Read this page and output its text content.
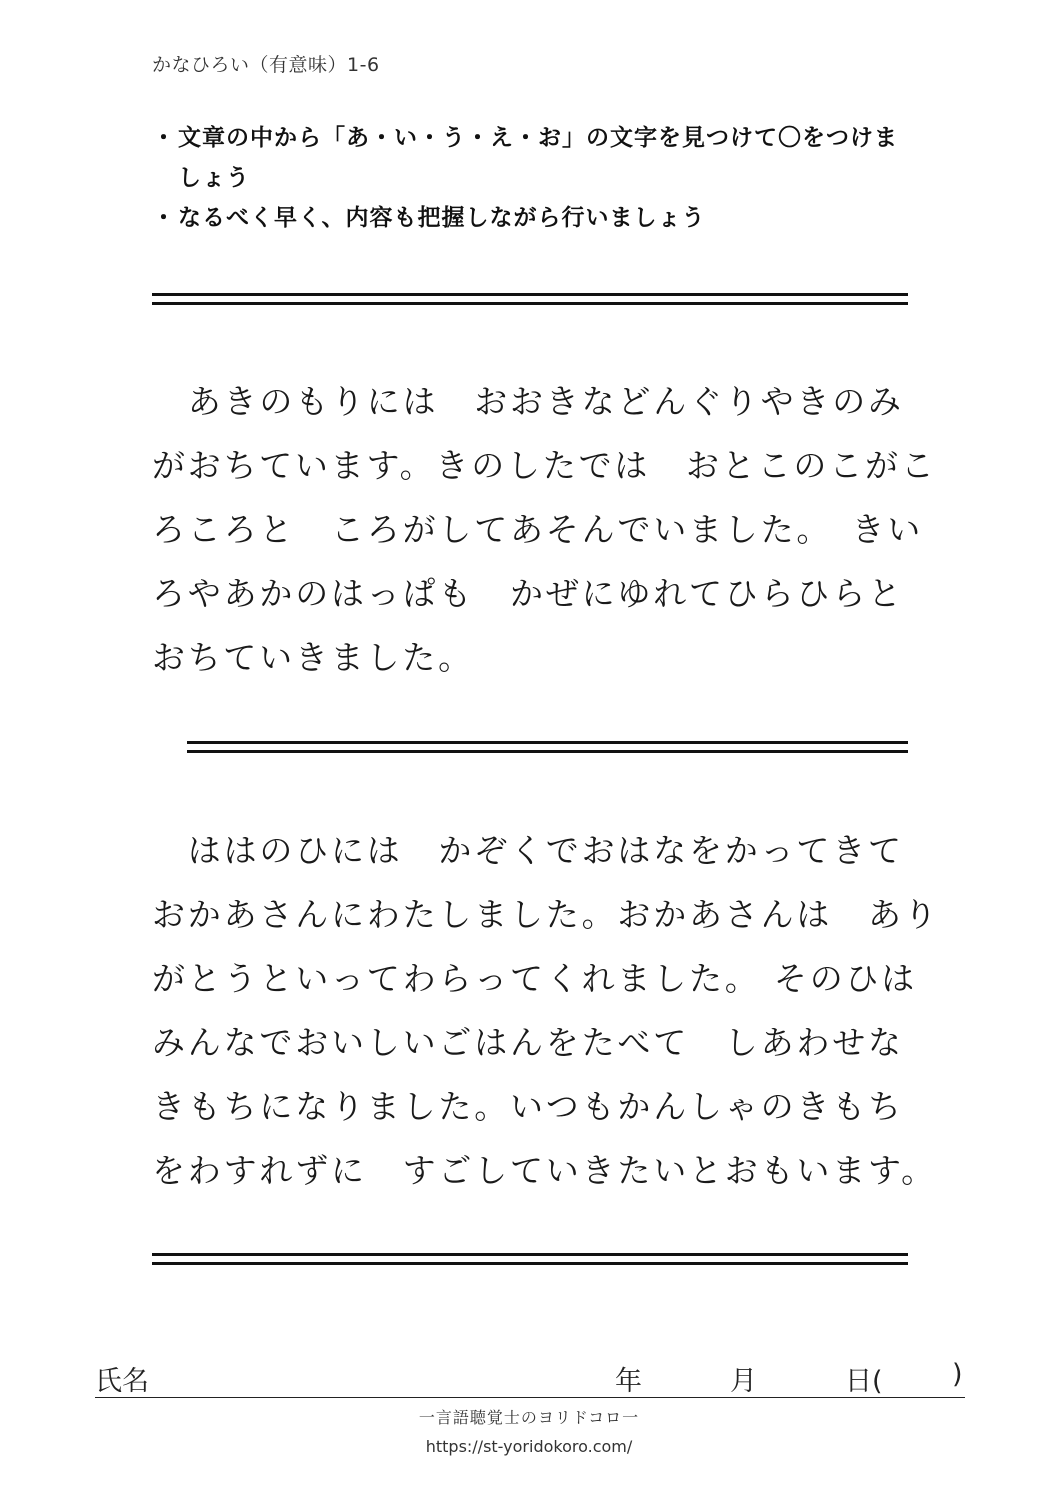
かなひろい（有意味）1-6
・ 文章の中から「あ・い・う・え・お」の文字を見つけて〇をつけま
しょう
・ なるべく早く、内容も把握しながら行いましょう
　あきのもりには　おおきなどんぐりやきのみ
がおちています。きのしたでは　おとこのこがこ
ろころと　ころがしてあそんでいました。　きい
ろやあかのはっぱも　かぜにゆれてひらひらと
おちていきました。
　ははのひには　かぞくでおはなをかってきて
おかあさんにわたしました。おかあさんは　あり
がとうといってわらってくれました。 そのひは
みんなでおいしいごはんをたべて　しあわせな
きもちになりました。いつもかんしゃのきもち
をわすれずに　すごしていきたいとおもいます。
氏名	年	月	日(	)
一言語聴覚士のヨリドコロ一
https://st-yoridokoro.com/
